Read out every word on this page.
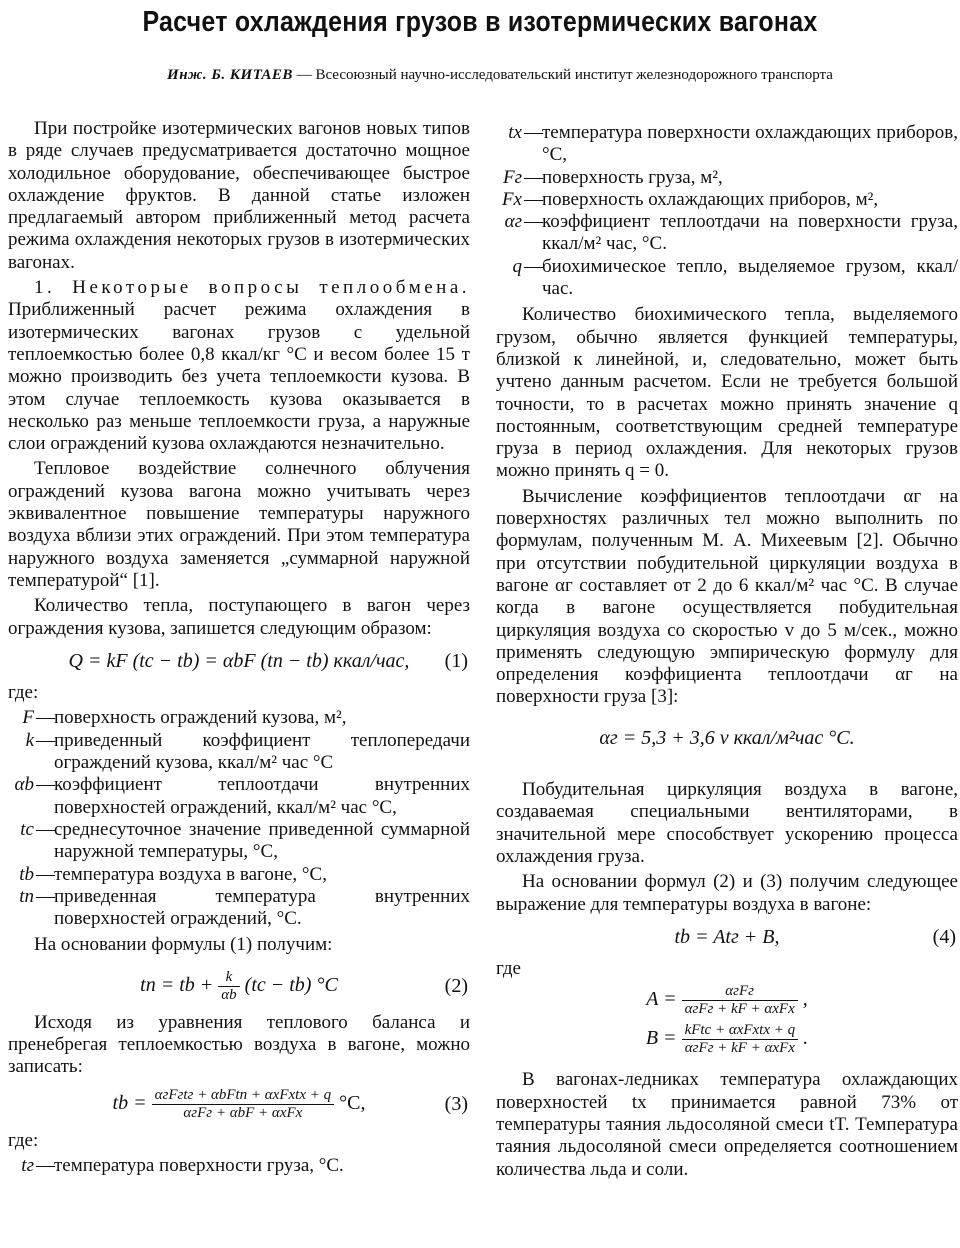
Расчет охлаждения грузов в изотермических вагонах
Инж. Б. КИТАЕВ — Всесоюзный научно-исследовательский институт железнодорожного транспорта

При постройке изотермических вагонов новых типов в ряде случаев предусматривается достаточно мощное холодильное оборудование, обеспечивающее быстрое охлаждение фруктов. В данной статье изложен предлагаемый автором приближенный метод расчета режима охлаждения некоторых грузов в изотермических вагонах.

1. Некоторые вопросы теплообмена. Приближенный расчет режима охлаждения в изотермических вагонах грузов с удельной теплоемкостью более 0,8 ккал/кг °С и весом более 15 т можно производить без учета теплоемкости кузова. В этом случае теплоемкость кузова оказывается в несколько раз меньше теплоемкости груза, а наружные слои ограждений кузова охлаждаются незначительно.

Тепловое воздействие солнечного облучения ограждений кузова вагона можно учитывать через эквивалентное повышение температуры наружного воздуха вблизи этих ограждений. При этом температура наружного воздуха заменяется „суммарной наружной температурой“ [1].

Количество тепла, поступающего в вагон через ограждения кузова, запишется следующим образом:

Q = kF (tc − tb) = αbF (tn − tb) ккал/час, (1)

где:

F — поверхность ограждений кузова, м²,
k — приведенный коэффициент теплопередачи ограждений кузова, ккал/м² час °С
αb — коэффициент теплоотдачи внутренних поверхностей ограждений, ккал/м² час °С,
tc — среднесуточное значение приведенной суммарной наружной температуры, °С,
tb — температура воздуха в вагоне, °С,
tn — приведенная температура внутренних поверхностей ограждений, °С.

На основании формулы (1) получим:

tn = tb + $\frac{k}{\alpha b} (tc - tb)$ °С	(2)

Исходя из уравнения теплового баланса и пренебрегая теплоемкостью воздуха в вагоне, можно записать:

tb = $\frac{\text{αгFгtг + αbFtn + αxFxtx + q}}{\text{αгFг + αbF + αxFx}} ^\circ С$,	(3)

где:

tг — температура поверхности груза, °С.
tx — температура поверхности охлаждающих приборов, °С,
Fг — поверхность груза, м²,
Fx — поверхность охлаждающих приборов, м²,
αг — коэффициент теплоотдачи на поверхности груза, ккал/м² час, °С.
q — биохимическое тепло, выделяемое грузом, ккал/час.

Количество биохимического тепла, выделяемого грузом, обычно является функцией температуры, близкой к линейной, и, следовательно, может быть учтено данным расчетом. Если не требуется большой точности, то в расчетах можно принять значение q постоянным, соответствующим средней температуре груза в период охлаждения. Для некоторых грузов можно принять q = 0.

Вычисление коэффициентов теплоотдачи αг на поверхностях различных тел можно выполнить по формулам, полученным М. А. Михеевым [2]. Обычно при отсутствии побудительной циркуляции воздуха в вагоне αг составляет от 2 до 6 ккал/м² час °С. В случае когда в вагоне осуществляется побудительная циркуляция воздуха со скоростью v до 5 м/сек., можно применять следующую эмпирическую формулу для определения коэффициента теплоотдачи αг на поверхности груза [3]:

αг = 5,3 + 3,6 v ккал/м²час °С.

Побудительная циркуляция воздуха в вагоне, создаваемая специальными вентиляторами, в значительной мере способствует ускорению процесса охлаждения груза.

На основании формул (2) и (3) получим следующее выражение для температуры воздуха в вагоне:

tb = Atг + B,	(4)

где

$A = \frac{\text{αгFг}}{\text{αгFг + kF + αxFx}}$ ,
$B = \frac{\text{kFtc + αxFxtx + q}}{\text{αгFг + kF + αxFx}}$ .

В вагонах-ледниках температура охлаждающих поверхностей tx принимается равной 73% от температуры таяния льдосоляной смеси tT. Температура таяния льдосоляной смеси определяется соотношением количества льда и соли.
